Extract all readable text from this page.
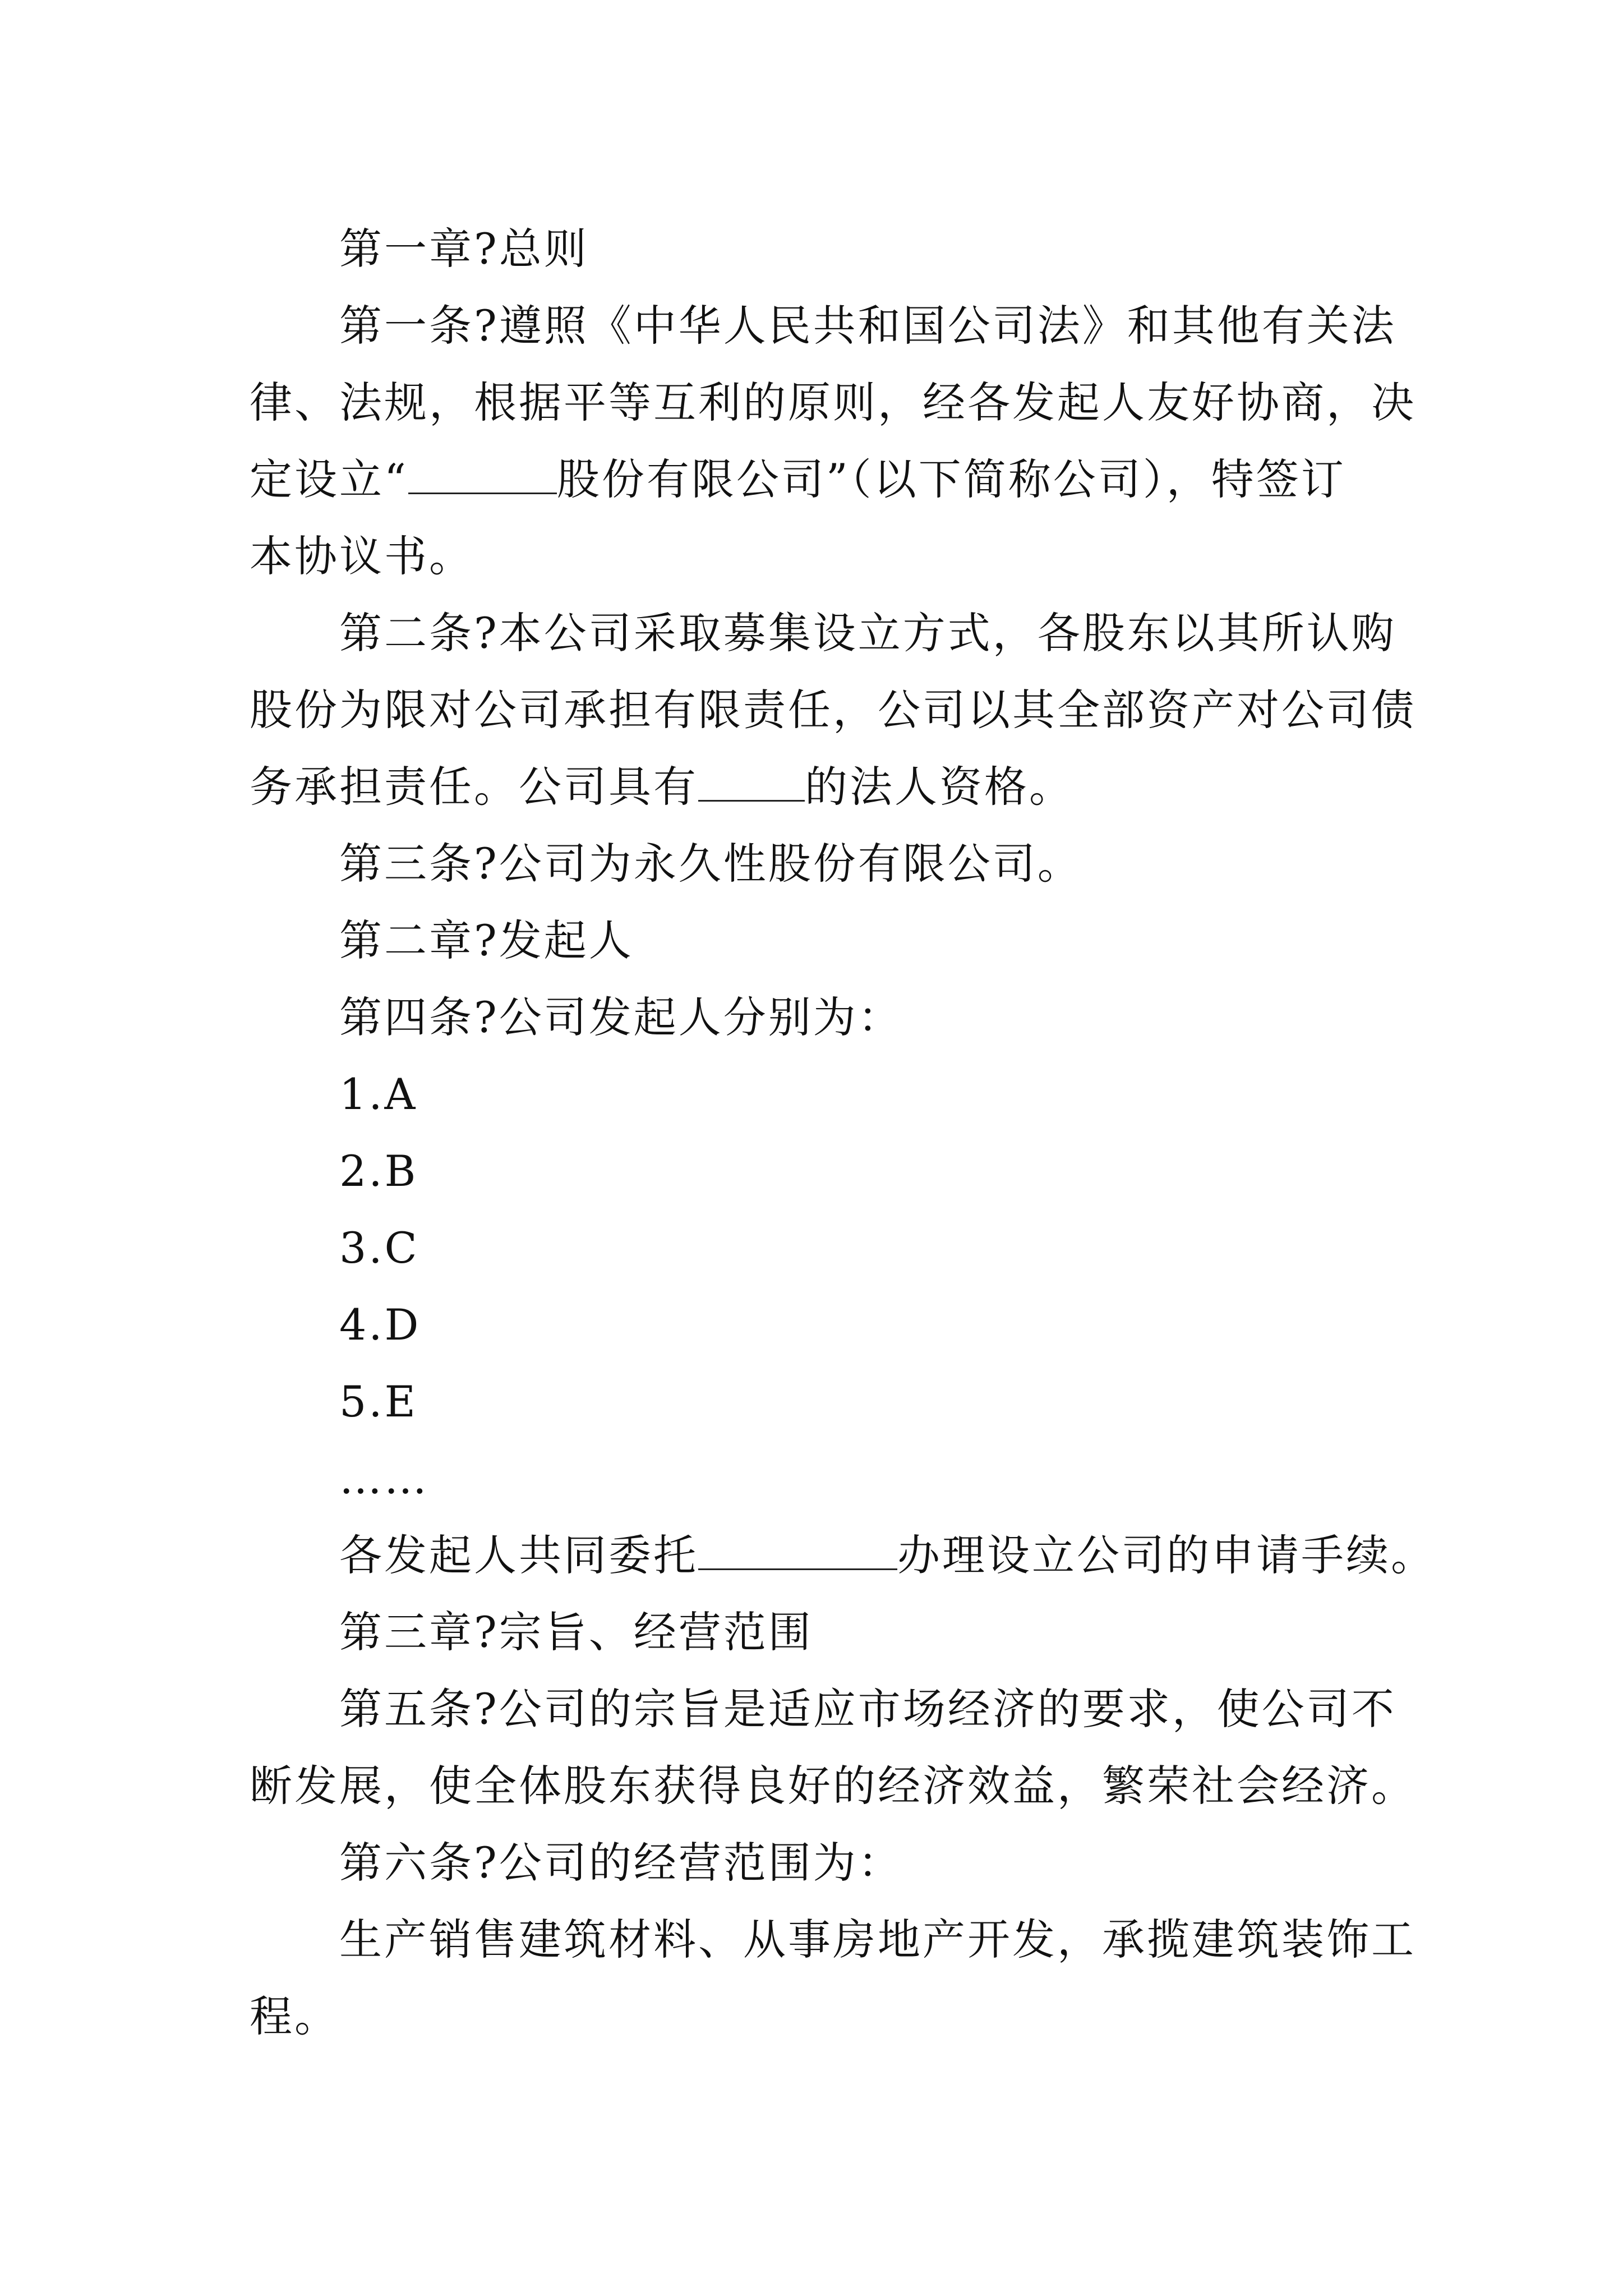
第一章?总则
第一条?遵照《中华人民共和国公司法》和其他有关法
律、法规，根据平等互利的原则，经各发起人友好协商，决
定设立“	股份有限公司”（以下简称公司），特签订
本协议书。
第二条?本公司采取募集设立方式，各股东以其所认购
股份为限对公司承担有限责任，公司以其全部资产对公司债
务承担责任。公司具有	的法人资格。
第三条?公司为永久性股份有限公司。
第二章?发起人
第四条?公司发起人分别为：
1.A
2.B
3.C
4.D
5.E
……
各发起人共同委托	办理设立公司的申请手续。
第三章?宗旨、经营范围
第五条?公司的宗旨是适应市场经济的要求，使公司不
断发展，使全体股东获得良好的经济效益，繁荣社会经济。
第六条?公司的经营范围为：
生产销售建筑材料、从事房地产开发，承揽建筑装饰工
程。
